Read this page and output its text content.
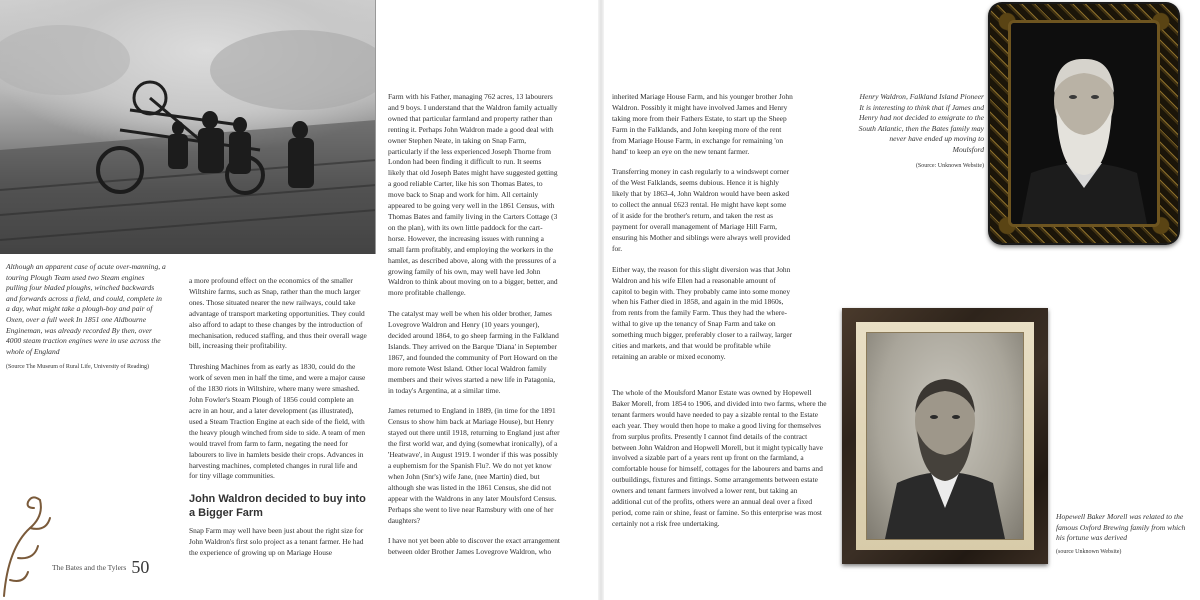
Although an apparent case of acute over-manning, a touring Plough Team used two Steam engines pulling four bladed ploughs, winched backwards and forwards across a field, and could, complete in a day, what might take a plough-boy and pair of Oxen, over a full week In 1851 one Aldbourne Engineman, was already recorded By then, over 4000 steam traction engines were in use across the whole of England
(Source The Museum of Rural Life, University of Reading)

a more profound effect on the economics of the smaller Wiltshire farms, such as Snap, rather than the much larger ones. Those situated nearer the new railways, could take advantage of transport marketing opportunities. They could also afford to adapt to these changes by the introduction of mechanisation, reduced staffing, and thus their overall wage bill, increasing their profitability.

Threshing Machines from as early as 1830, could do the work of seven men in half the time, and were a major cause of the 1830 riots in Wiltshire, where many were smashed. John Fowler's Steam Plough of 1856 could complete an acre in an hour, and a later development (as illustrated), used a Steam Traction Engine at each side of the field, with the heavy plough winched from side to side. A team of men would travel from farm to farm, negating the need for labourers to live in hamlets beside their crops. Advances in harvesting machines, completed changes in rural life and for tiny village communities.

John Waldron decided to buy into a Bigger Farm

Snap Farm may well have been just about the right size for John Waldron's first solo project as a tenant farmer. He had the experience of growing up on Mariage House

Farm with his Father, managing 762 acres, 13 labourers and 9 boys. I understand that the Waldron family actually owned that particular farmland and property rather than renting it. Perhaps John Waldron made a good deal with owner Stephen Neate, in taking on Snap Farm, particularly if the less experienced Joseph Thorne from London had been finding it difficult to run. It seems likely that old Joseph Bates might have suggested getting a good reliable Carter, like his son Thomas Bates, to move back to Snap and work for him. All certainly appeared to be going very well in the 1861 Census, with Thomas Bates and family living in the Carters Cottage (3 on the plan), with its own little paddock for the cart-horse. However, the increasing issues with running a small farm profitably, and employing the workers in the hamlet, as described above, along with the pressures of a growing family of his own, may well have led John Waldron to think about moving on to a bigger, better, and more profitable challenge.

The catalyst may well be when his older brother, James Lovegrove Waldron and Henry (10 years younger), decided around 1864, to go sheep farming in the Falkland Islands. They arrived on the Barque 'Diana' in September 1867, and founded the community of Port Howard on the more remote West Island. Other local Waldron family members and their wives started a new life in Patagonia, in today's Argentina, at a similar time.

James returned to England in 1889, (in time for the 1891 Census to show him back at Mariage House), but Henry stayed out there until 1918, returning to England just after the first world war, and dying (somewhat ironically), of a 'Heatwave', in August 1919. I wonder if this was possibly a euphemism for the Spanish Flu?. We do not yet know when John (Snr's) wife Jane, (nee Martin) died, but although she was listed in the 1861 Census, she did not appear with the Waldrons in any later Moulsford Census. Perhaps she went to live near Ramsbury with one of her daughters?

I have not yet been able to discover the exact arrangement between older Brother James Lovegrove Waldron, who

inherited Mariage House Farm, and his younger brother John Waldron. Possibly it might have involved James and Henry taking more from their Fathers Estate, to start up the Sheep Farm in the Falklands, and John keeping more of the rent from Mariage House Farm, in exchange for remaining 'on hand' to keep an eye on the new tenant farmer.

Transferring money in cash regularly to a windswept corner of the West Falklands, seems dubious. Hence it is highly likely that by 1863-4, John Waldron would have been asked to collect the annual £623 rental. He might have kept some of it aside for the brother's return, and taken the rest as payment for overall management of Mariage Hill Farm, ensuring his Mother and siblings were always well provided for.

Either way, the reason for this slight diversion was that John Waldron and his wife Ellen had a reasonable amount of capitol to begin with. They probably came into some money when his Father died in 1858, and again in the mid 1860s, from rents from the family Farm. Thus they had the where-withal to give up the tenancy of Snap Farm and take on something much bigger, preferably closer to a railway, larger cities and markets, and that would be profitable while retaining an arable or mixed economy.

The whole of the Moulsford Manor Estate was owned by Hopewell Baker Morell, from 1854 to 1906, and divided into two farms, where the tenant farmers would have needed to pay a sizable rental to the Estate each year. They would then hope to make a good living for themselves from surplus profits. Presently I cannot find details of the contract between John Waldron and Hopwell Morell, but it might typically have involved a sizable part of a years rent up front on the farmland, a comfortable house for himself, cottages for the labourers and barns and outbuildings, fixtures and fittings. Some arrangements between estate owners and tenant farmers involved a lower rent, but taking an additional cut of the profits, others were an annual deal over a fixed period, come rain or shine, feast or famine. So this enterprise was most certainly not a risk free undertaking.

Henry Waldron, Falkland Island Pioneer It is interesting to think that if James and Henry had not decided to emigrate to the South Atlantic, then the Bates family may never have ended up moving to Moulsford
(Source: Unknown Website)
Hopewell Baker Morell was related to the famous Oxford Brewing family from which his fortune was derived
(source Unknown Website)
The Bates and the Tylers 50
